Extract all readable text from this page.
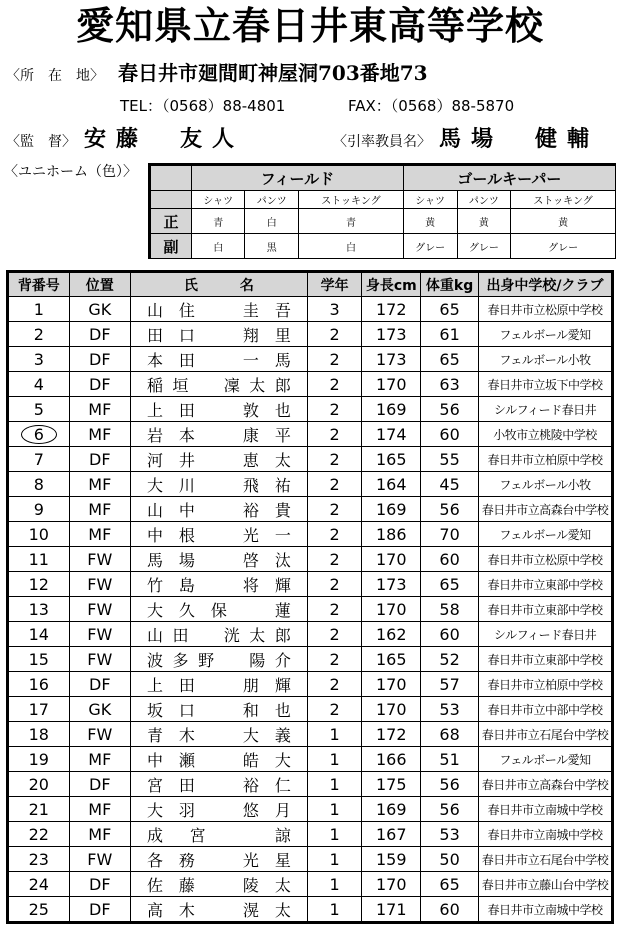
愛知県立春日井東高等学校
〈所　在　地〉 春日井市廻間町神屋洞703番地73
TEL：（0568）88-4801	FAX：（0568）88-5870
〈監　督〉 安藤　友人	〈引率教員名〉 馬場　健輔
〈ユニホーム（色）〉
		フィールド			ゴールキーパー		
	シャツ	パンツ	ストッキング	シャツ	パンツ	ストッキング
正	青	白	青	黄	黄	黄
副	白	黒	白	グレー	グレー	グレー
背番号	位置	氏　　　名	学年	身長cm	体重kg	出身中学校/クラブ
1	GK	山住　圭吾	3	172	65	春日井市立松原中学校
2	DF	田口　翔里	2	173	61	フェルボール愛知
3	DF	本田　一馬	2	173	65	フェルボール小牧
4	DF	稲垣　凜太郎	2	170	63	春日井市立坂下中学校
5	MF	上田　敦也	2	169	56	シルフィード春日井
6	MF	岩本　康平	2	174	60	小牧市立桃陵中学校
7	DF	河井　恵太	2	165	55	春日井市立柏原中学校
8	MF	大川　飛祐	2	164	45	フェルボール小牧
9	MF	山中　裕貴	2	169	56	春日井市立高森台中学校
10	MF	中根　光一	2	186	70	フェルボール愛知
11	FW	馬場　啓汰	2	170	60	春日井市立松原中学校
12	FW	竹島　将輝	2	173	65	春日井市立東部中学校
13	FW	大久保　蓮	2	170	58	春日井市立東部中学校
14	FW	山田　洸太郎	2	162	60	シルフィード春日井
15	FW	波多野　陽介	2	165	52	春日井市立東部中学校
16	DF	上田　朋輝	2	170	57	春日井市立柏原中学校
17	GK	坂口　和也	2	170	53	春日井市立中部中学校
18	FW	青木　大義	1	172	68	春日井市立石尾台中学校
19	MF	中瀬　皓大	1	166	51	フェルボール愛知
20	DF	宮田　裕仁	1	175	56	春日井市立高森台中学校
21	MF	大羽　悠月	1	169	56	春日井市立南城中学校
22	MF	成宮　諒	1	167	53	春日井市立南城中学校
23	FW	各務　光星	1	159	50	春日井市立石尾台中学校
24	DF	佐藤　陵太	1	170	65	春日井市立藤山台中学校
25	DF	高木　滉太	1	171	60	春日井市立南城中学校
